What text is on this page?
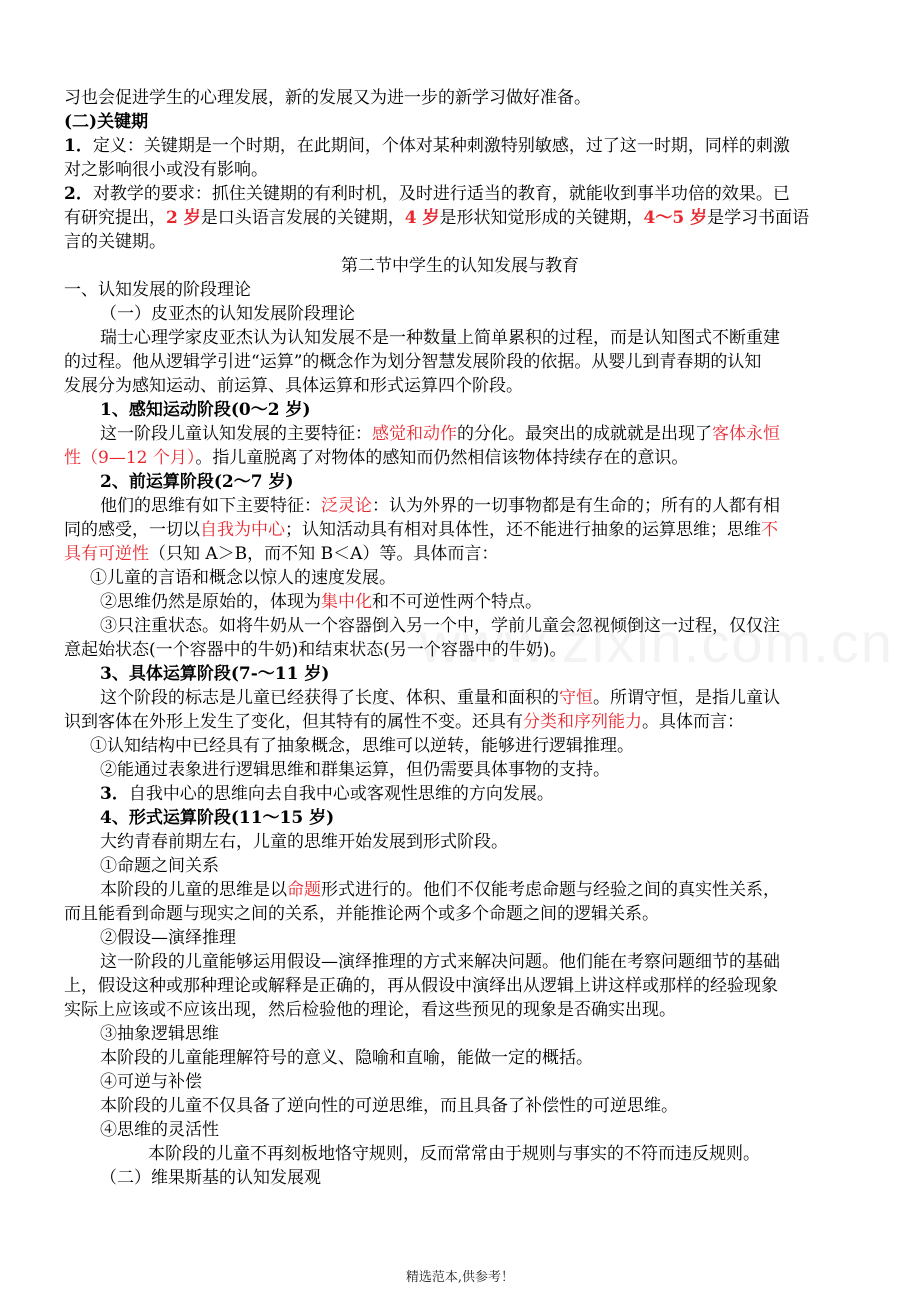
习也会促进学生的心理发展，新的发展又为进一步的新学习做好准备。
(二)关键期
1．定义：关键期是一个时期，在此期间，个体对某种刺激特别敏感，过了这一时期，同样的刺激
对之影响很小或没有影响。
2．对教学的要求：抓住关键期的有利时机，及时进行适当的教育，就能收到事半功倍的效果。已
有研究提出，2 岁是口头语言发展的关键期，4 岁是形状知觉形成的关键期，4～5 岁是学习书面语
言的关键期。
第二节中学生的认知发展与教育
一、认知发展的阶段理论
（一）皮亚杰的认知发展阶段理论
瑞士心理学家皮亚杰认为认知发展不是一种数量上简单累积的过程，而是认知图式不断重建
的过程。他从逻辑学引进“运算”的概念作为划分智慧发展阶段的依据。从婴儿到青春期的认知
发展分为感知运动、前运算、具体运算和形式运算四个阶段。
1、感知运动阶段(0～2 岁)
这一阶段儿童认知发展的主要特征：感觉和动作的分化。最突出的成就就是出现了客体永恒
性（9—12 个月）。指儿童脱离了对物体的感知而仍然相信该物体持续存在的意识。
2、前运算阶段(2～7 岁)
他们的思维有如下主要特征：泛灵论：认为外界的一切事物都是有生命的；所有的人都有相
同的感受，一切以自我为中心；认知活动具有相对具体性，还不能进行抽象的运算思维；思维不
具有可逆性（只知 A＞B，而不知 B＜A）等。具体而言：
①儿童的言语和概念以惊人的速度发展。
②思维仍然是原始的，体现为集中化和不可逆性两个特点。
③只注重状态。如将牛奶从一个容器倒入另一个中，学前儿童会忽视倾倒这一过程，仅仅注
意起始状态(一个容器中的牛奶)和结束状态(另一个容器中的牛奶)。
3、具体运算阶段(7-～11 岁)
这个阶段的标志是儿童已经获得了长度、体积、重量和面积的守恒。所谓守恒，是指儿童认
识到客体在外形上发生了变化，但其特有的属性不变。还具有分类和序列能力。具体而言：
①认知结构中已经具有了抽象概念，思维可以逆转，能够进行逻辑推理。
②能通过表象进行逻辑思维和群集运算，但仍需要具体事物的支持。
3．自我中心的思维向去自我中心或客观性思维的方向发展。
4、形式运算阶段(11～15 岁)
大约青春前期左右，儿童的思维开始发展到形式阶段。
①命题之间关系
本阶段的儿童的思维是以命题形式进行的。他们不仅能考虑命题与经验之间的真实性关系，
而且能看到命题与现实之间的关系，并能推论两个或多个命题之间的逻辑关系。
②假设—演绎推理
这一阶段的儿童能够运用假设—演绎推理的方式来解决问题。他们能在考察问题细节的基础
上，假设这种或那种理论或解释是正确的，再从假设中演绎出从逻辑上讲这样或那样的经验现象
实际上应该或不应该出现，然后检验他的理论，看这些预见的现象是否确实出现。
③抽象逻辑思维
本阶段的儿童能理解符号的意义、隐喻和直喻，能做一定的概括。
④可逆与补偿
本阶段的儿童不仅具备了逆向性的可逆思维，而且具备了补偿性的可逆思维。
④思维的灵活性
本阶段的儿童不再刻板地恪守规则，反而常常由于规则与事实的不符而违反规则。
（二）维果斯基的认知发展观
精选范本,供参考！
